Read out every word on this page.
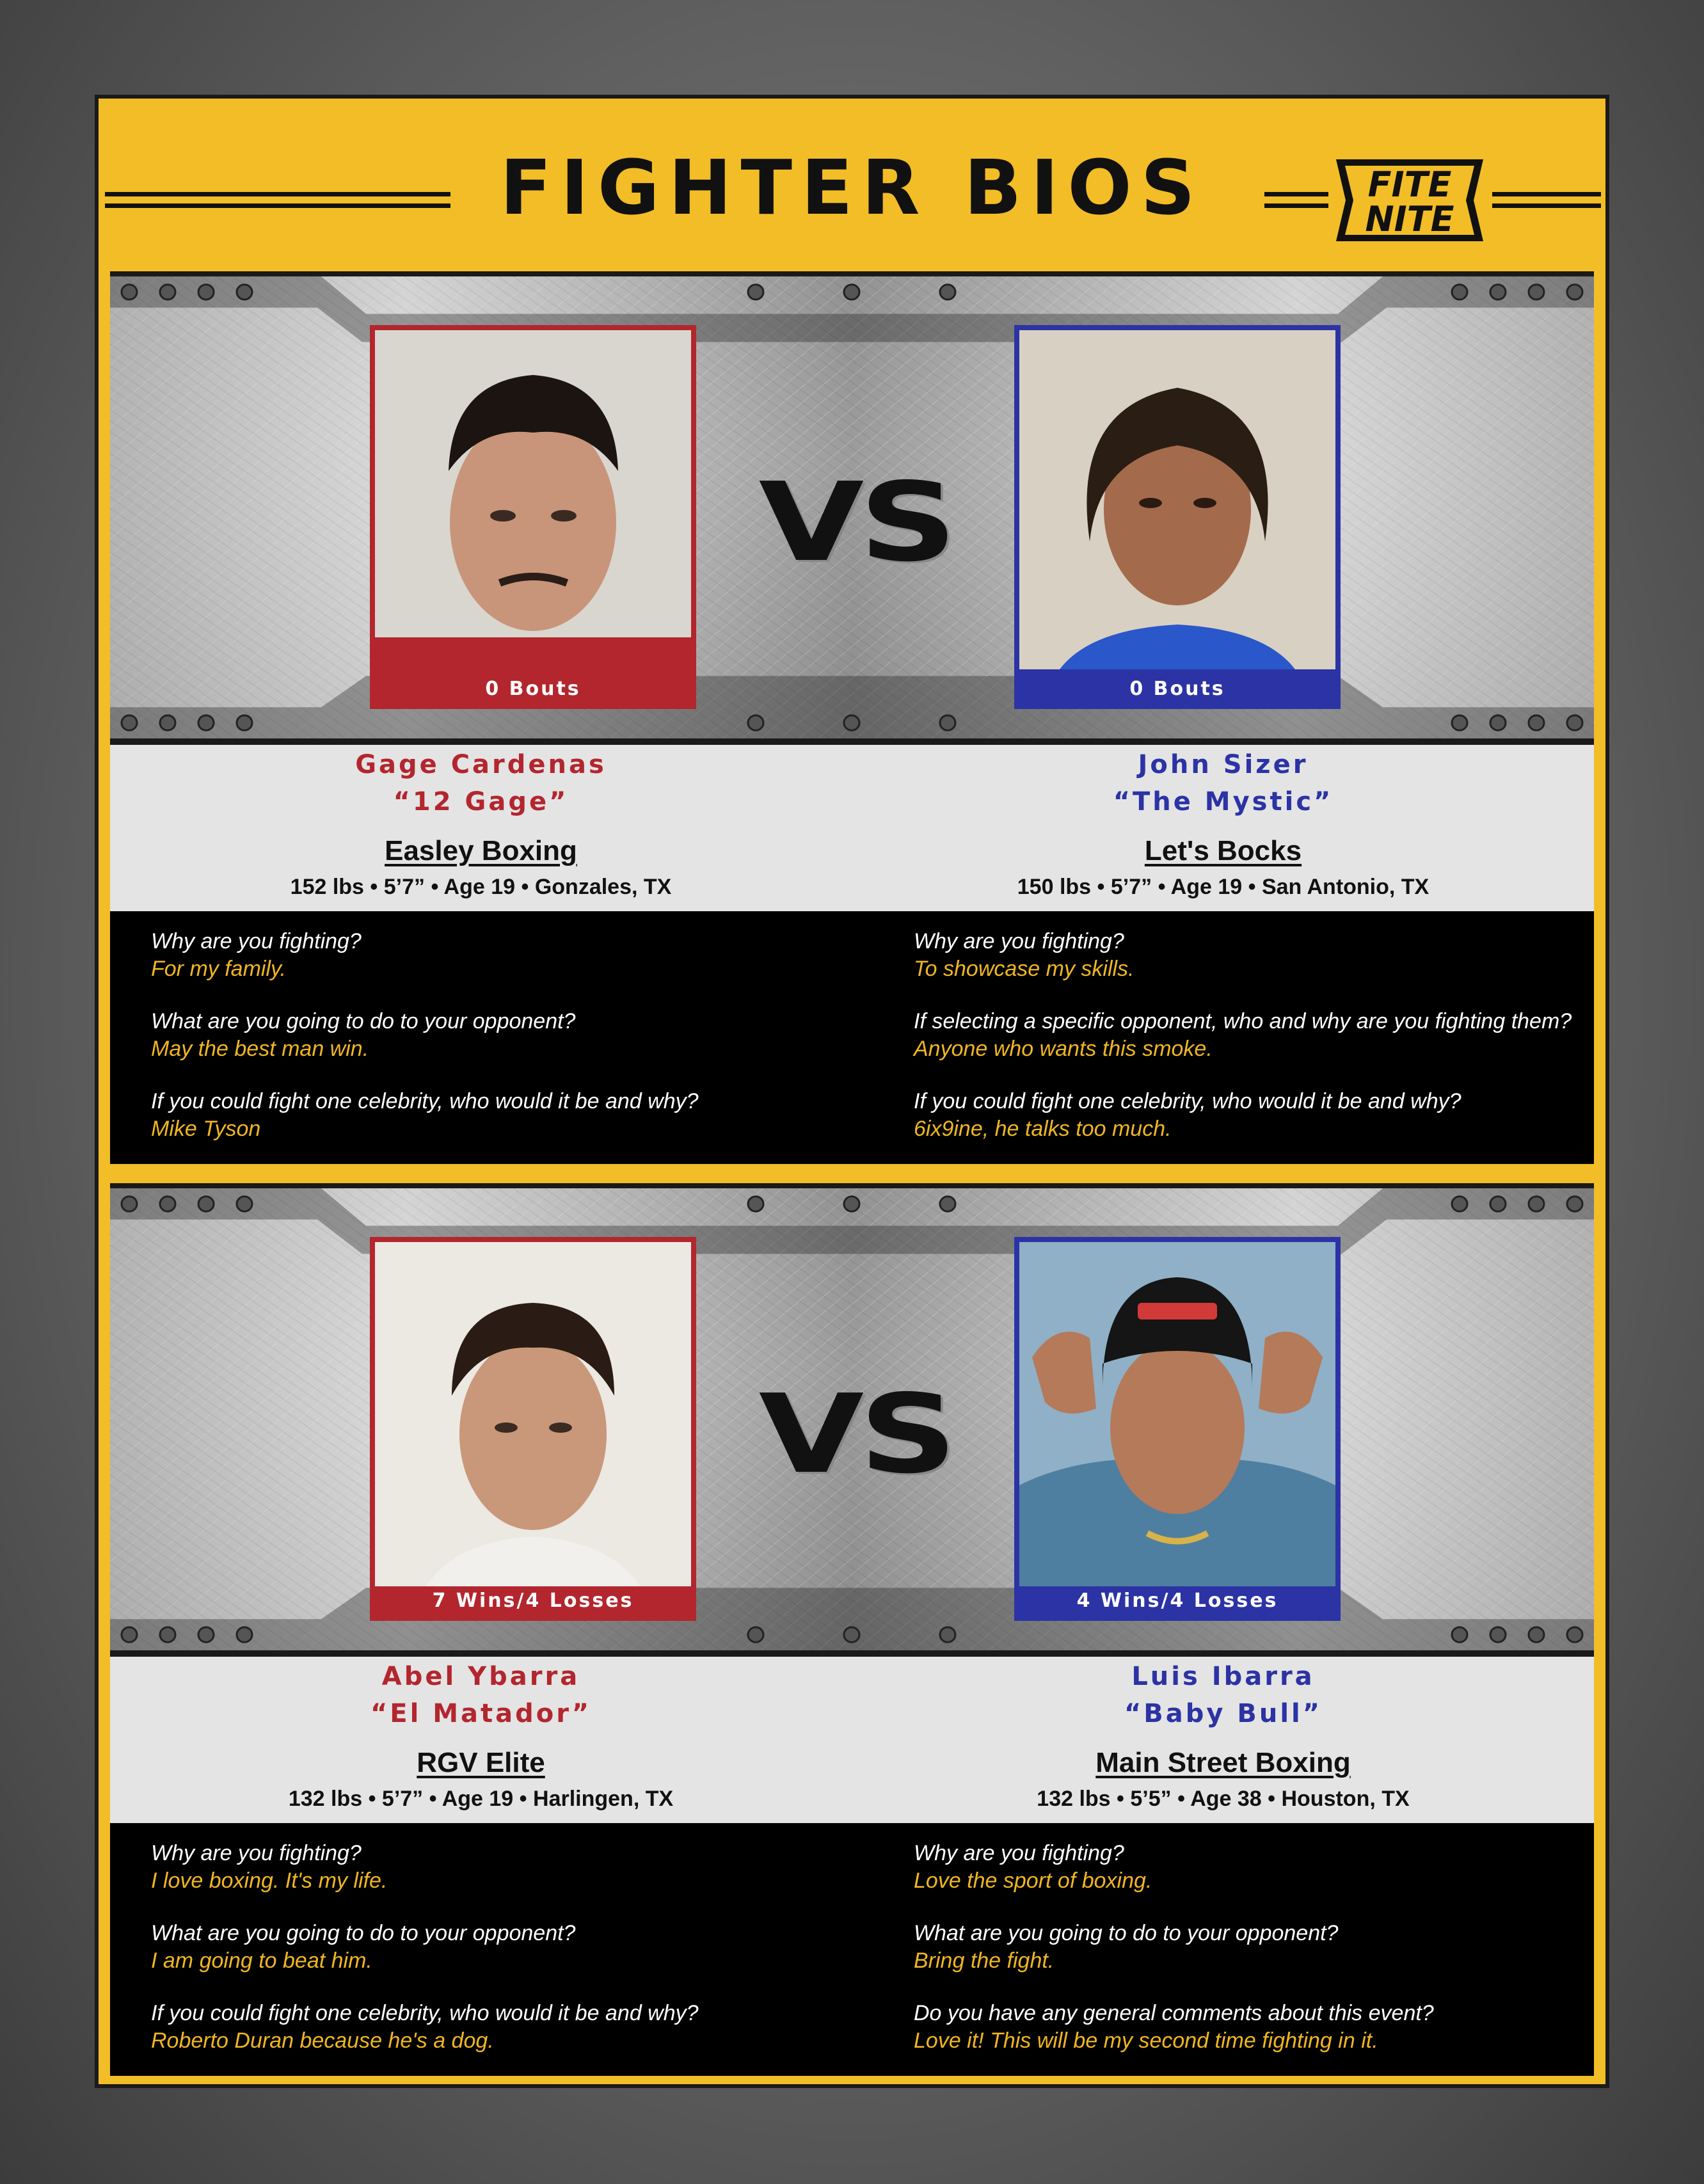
FIGHTER BIOS	FITE
NITE
0 Bouts
VS
0 Bouts
Gage Cardenas
“12 Gage”
Easley Boxing
152 lbs • 5’7” • Age 19 • Gonzales, TX
John Sizer
“The Mystic”
Let's Bocks
150 lbs • 5’7” • Age 19 • San Antonio, TX
Why are you fighting?
For my family.
What are you going to do to your opponent?
May the best man win.
If you could fight one celebrity, who would it be and why?
Mike Tyson
Why are you fighting?
To showcase my skills.
If selecting a specific opponent, who and why are you fighting them?
Anyone who wants this smoke.
If you could fight one celebrity, who would it be and why?
6ix9ine, he talks too much.
7 Wins/4 Losses
VS
4 Wins/4 Losses
Abel Ybarra
“El Matador”
RGV Elite
132 lbs • 5’7” • Age 19 • Harlingen, TX
Luis Ibarra
“Baby Bull”
Main Street Boxing
132 lbs • 5’5” • Age 38 • Houston, TX
Why are you fighting?
I love boxing. It's my life.
What are you going to do to your opponent?
I am going to beat him.
If you could fight one celebrity, who would it be and why?
Roberto Duran because he's a dog.
Why are you fighting?
Love the sport of boxing.
What are you going to do to your opponent?
Bring the fight.
Do you have any general comments about this event?
Love it! This will be my second time fighting in it.
